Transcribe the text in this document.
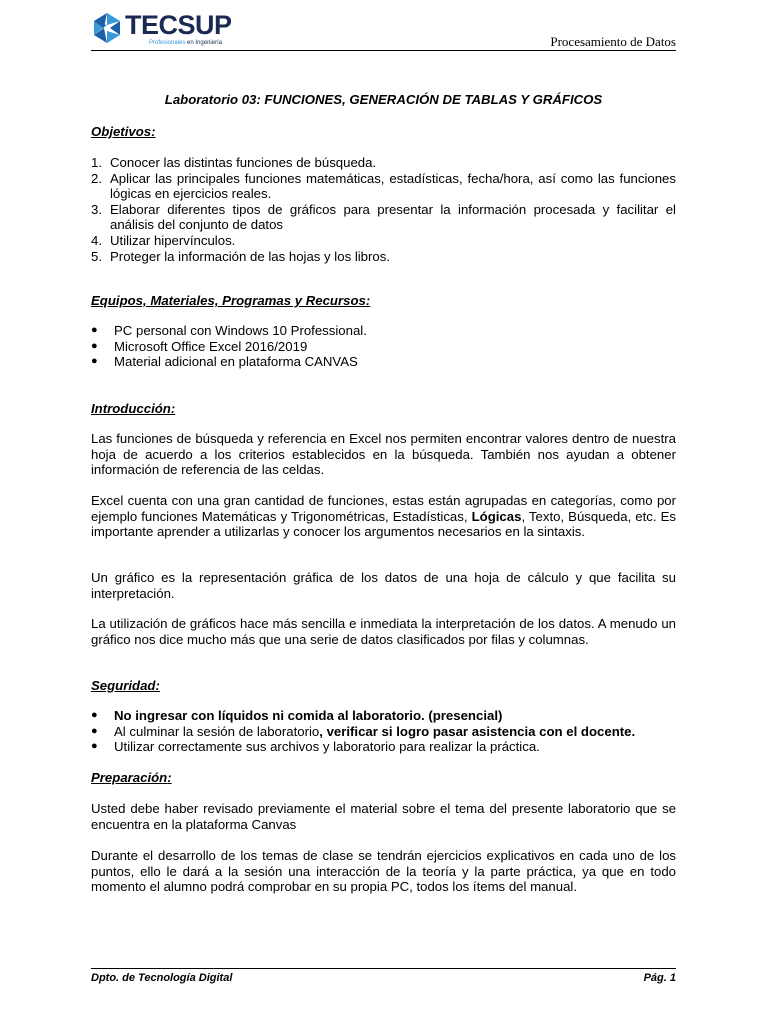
TECSUP
Profesionales en Ingeniería	Procesamiento de Datos
Laboratorio 03: FUNCIONES, GENERACIÓN DE TABLAS Y GRÁFICOS
Objetivos:
1. Conocer las distintas funciones de búsqueda.
2. Aplicar las principales funciones matemáticas, estadísticas, fecha/hora, así como las funciones lógicas en ejercicios reales.
3. Elaborar diferentes tipos de gráficos para presentar la información procesada y facilitar el análisis del conjunto de datos
4. Utilizar hipervínculos.
5. Proteger la información de las hojas y los libros.
Equipos, Materiales, Programas y Recursos:
● PC personal con Windows 10 Professional.
● Microsoft Office Excel 2016/2019
● Material adicional en plataforma CANVAS
Introducción:
Las funciones de búsqueda y referencia en Excel nos permiten encontrar valores dentro de nuestra hoja de acuerdo a los criterios establecidos en la búsqueda. También nos ayudan a obtener información de referencia de las celdas.
Excel cuenta con una gran cantidad de funciones, estas están agrupadas en categorías, como por ejemplo funciones Matemáticas y Trigonométricas, Estadísticas, Lógicas, Texto, Búsqueda, etc. Es importante aprender a utilizarlas y conocer los argumentos necesarios en la sintaxis.
Un gráfico es la representación gráfica de los datos de una hoja de cálculo y que facilita su interpretación.
La utilización de gráficos hace más sencilla e inmediata la interpretación de los datos. A menudo un gráfico nos dice mucho más que una serie de datos clasificados por filas y columnas.
Seguridad:
● No ingresar con líquidos ni comida al laboratorio. (presencial)
● Al culminar la sesión de laboratorio, verificar si logro pasar asistencia con el docente.
● Utilizar correctamente sus archivos y laboratorio para realizar la práctica.
Preparación:
Usted debe haber revisado previamente el material sobre el tema del presente laboratorio que se encuentra en la plataforma Canvas
Durante el desarrollo de los temas de clase se tendrán ejercicios explicativos en cada uno de los puntos, ello le dará a la sesión una interacción de la teoría y la parte práctica, ya que en todo momento el alumno podrá comprobar en su propia PC, todos los ítems del manual.
Dpto. de Tecnología Digital	Pág. 1
